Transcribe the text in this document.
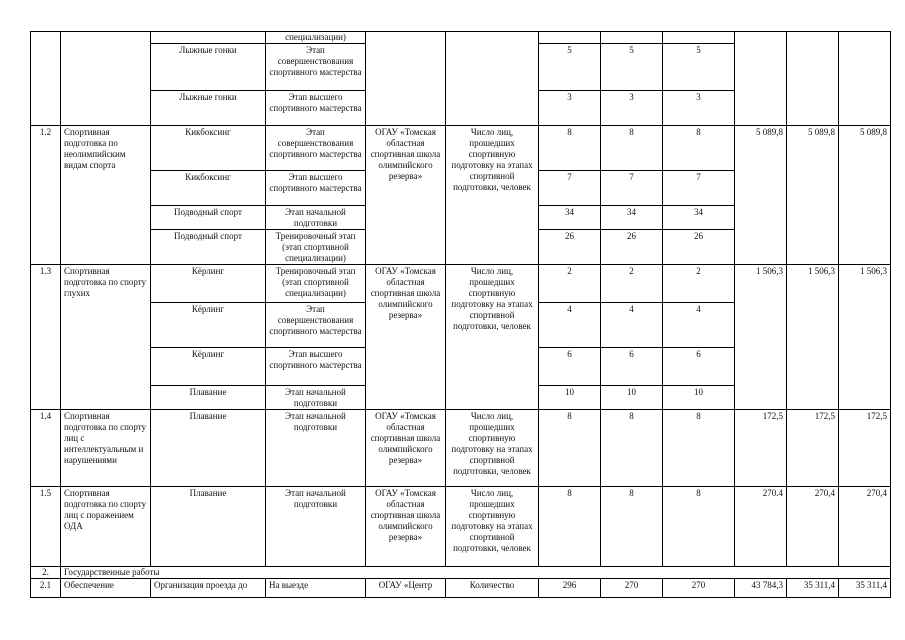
			специализации)								
		Лыжные гонки	Этап совершенствования спортивного мастерства			5	5	5			
		Лыжные гонки	Этап высшего спортивного мастерства			3	3	3			
1.2	Спортивная подготовка по неолимпийским видам спорта	Кикбоксинг	Этап совершенствования спортивного мастерства	ОГАУ «Томская областная спортивная школа олимпийского резерва»	Число лиц, прошедших спортивную подготовку на этапах спортивной подготовки, человек	8	8	8	5 089,8	5 089,8	5 089,8
		Кикбоксинг	Этап высшего спортивного мастерства			7	7	7			
		Подводный спорт	Этап начальной подготовки			34	34	34			
		Подводный спорт	Тренировочный этап (этап спортивной специализации)			26	26	26			
1.3	Спортивная подготовка по спорту глухих	Кёрлинг	Тренировочный этап (этап спортивной специализации)	ОГАУ «Томская областная спортивная школа олимпийского резерва»	Число лиц, прошедших спортивную подготовку на этапах спортивной подготовки, человек	2	2	2	1 506,3	1 506,3	1 506,3
		Кёрлинг	Этап совершенствования спортивного мастерства			4	4	4			
		Кёрлинг	Этап высшего спортивного мастерства			6	6	6			
		Плавание	Этап начальной подготовки			10	10	10			
1.4	Спортивная подготовка по спорту лиц с интеллектуальным и нарушениями	Плавание	Этап начальной подготовки	ОГАУ «Томская областная спортивная школа олимпийского резерва»	Число лиц, прошедших спортивную подготовку на этапах спортивной подготовки, человек	8	8	8	172,5	172,5	172,5
1.5	Спортивная подготовка по спорту лиц с поражением ОДА	Плавание	Этап начальной подготовки	ОГАУ «Томская областная спортивная школа олимпийского резерва»	Число лиц, прошедших спортивную подготовку на этапах спортивной подготовки, человек	8	8	8	270.4	270,4	270,4
2.	Государственные работы										
2.1	Обеспечение	Организация проезда до	На выезде	ОГАУ «Центр	Количество	296	270	270	43 784,3	35 311,4	35 311,4
